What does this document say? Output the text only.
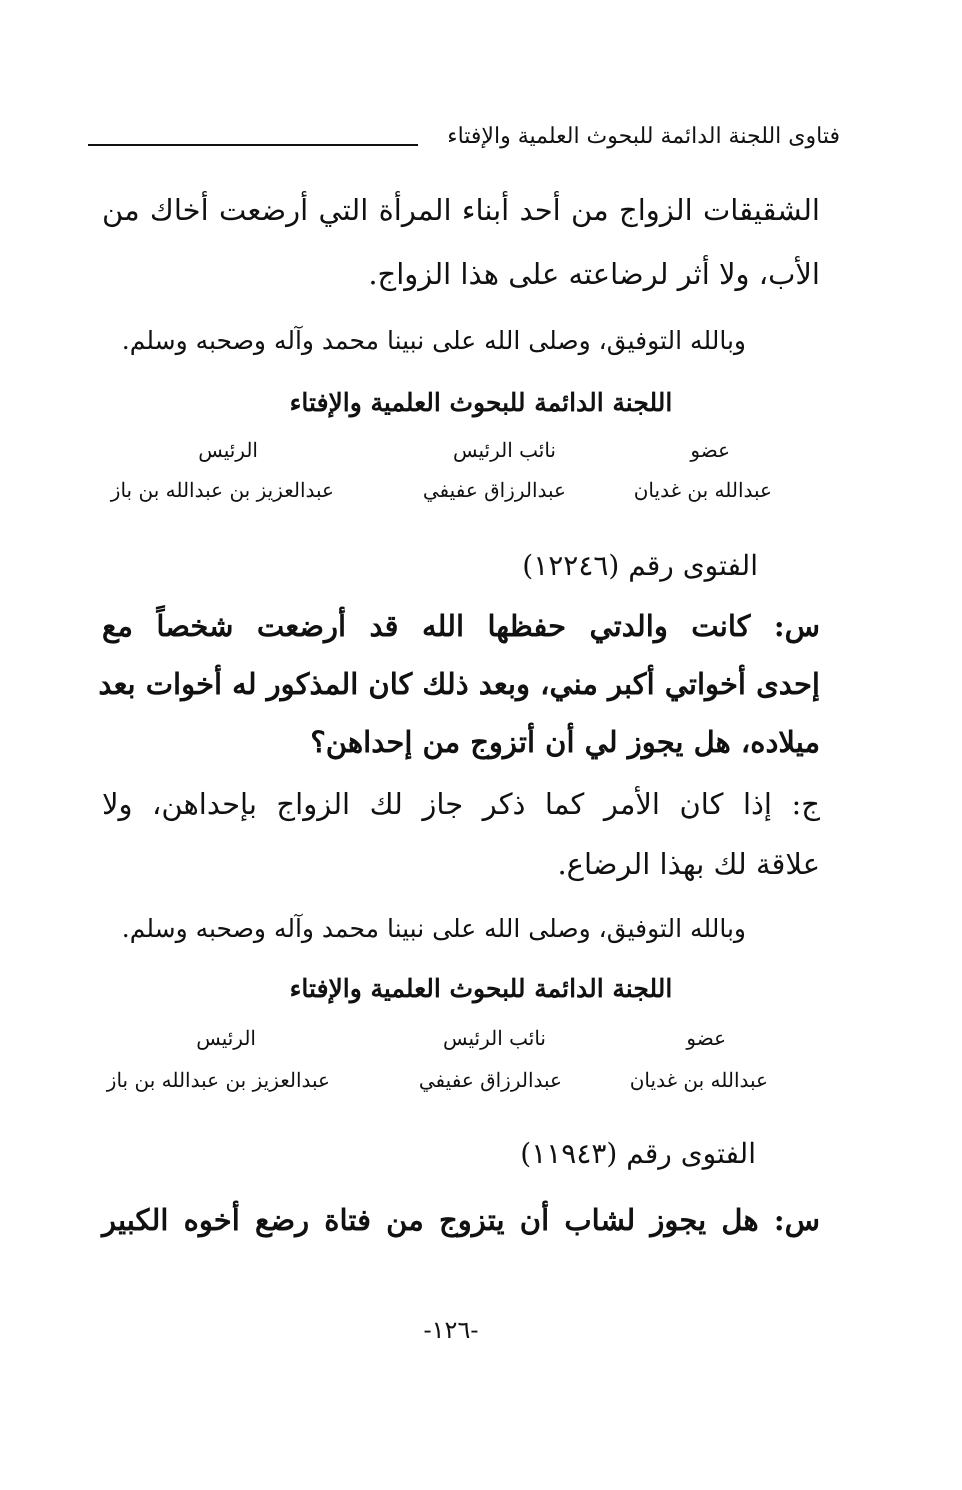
فتاوى اللجنة الدائمة للبحوث العلمية والإفتاء
الشقيقات الزواج من أحد أبناء المرأة التي أرضعت أخاك من
الأب، ولا أثر لرضاعته على هذا الزواج.
وبالله التوفيق، وصلى الله على نبينا محمد وآله وصحبه وسلم.
اللجنة الدائمة للبحوث العلمية والإفتاء
عضو
نائب الرئيس
الرئيس
عبدالله بن غديان
عبدالرزاق عفيفي
عبدالعزيز بن عبدالله بن باز
الفتوى رقم (١٢٢٤٦)
س: كانت والدتي حفظها الله قد أرضعت شخصاً مع
إحدى أخواتي أكبر مني، وبعد ذلك كان المذكور له أخوات بعد
ميلاده، هل يجوز لي أن أتزوج من إحداهن؟
ج: إذا كان الأمر كما ذكر جاز لك الزواج بإحداهن، ولا
علاقة لك بهذا الرضاع.
وبالله التوفيق، وصلى الله على نبينا محمد وآله وصحبه وسلم.
اللجنة الدائمة للبحوث العلمية والإفتاء
عضو
نائب الرئيس
الرئيس
عبدالله بن غديان
عبدالرزاق عفيفي
عبدالعزيز بن عبدالله بن باز
الفتوى رقم (١١٩٤٣)
س: هل يجوز لشاب أن يتزوج من فتاة رضع أخوه الكبير
-١٢٦-
